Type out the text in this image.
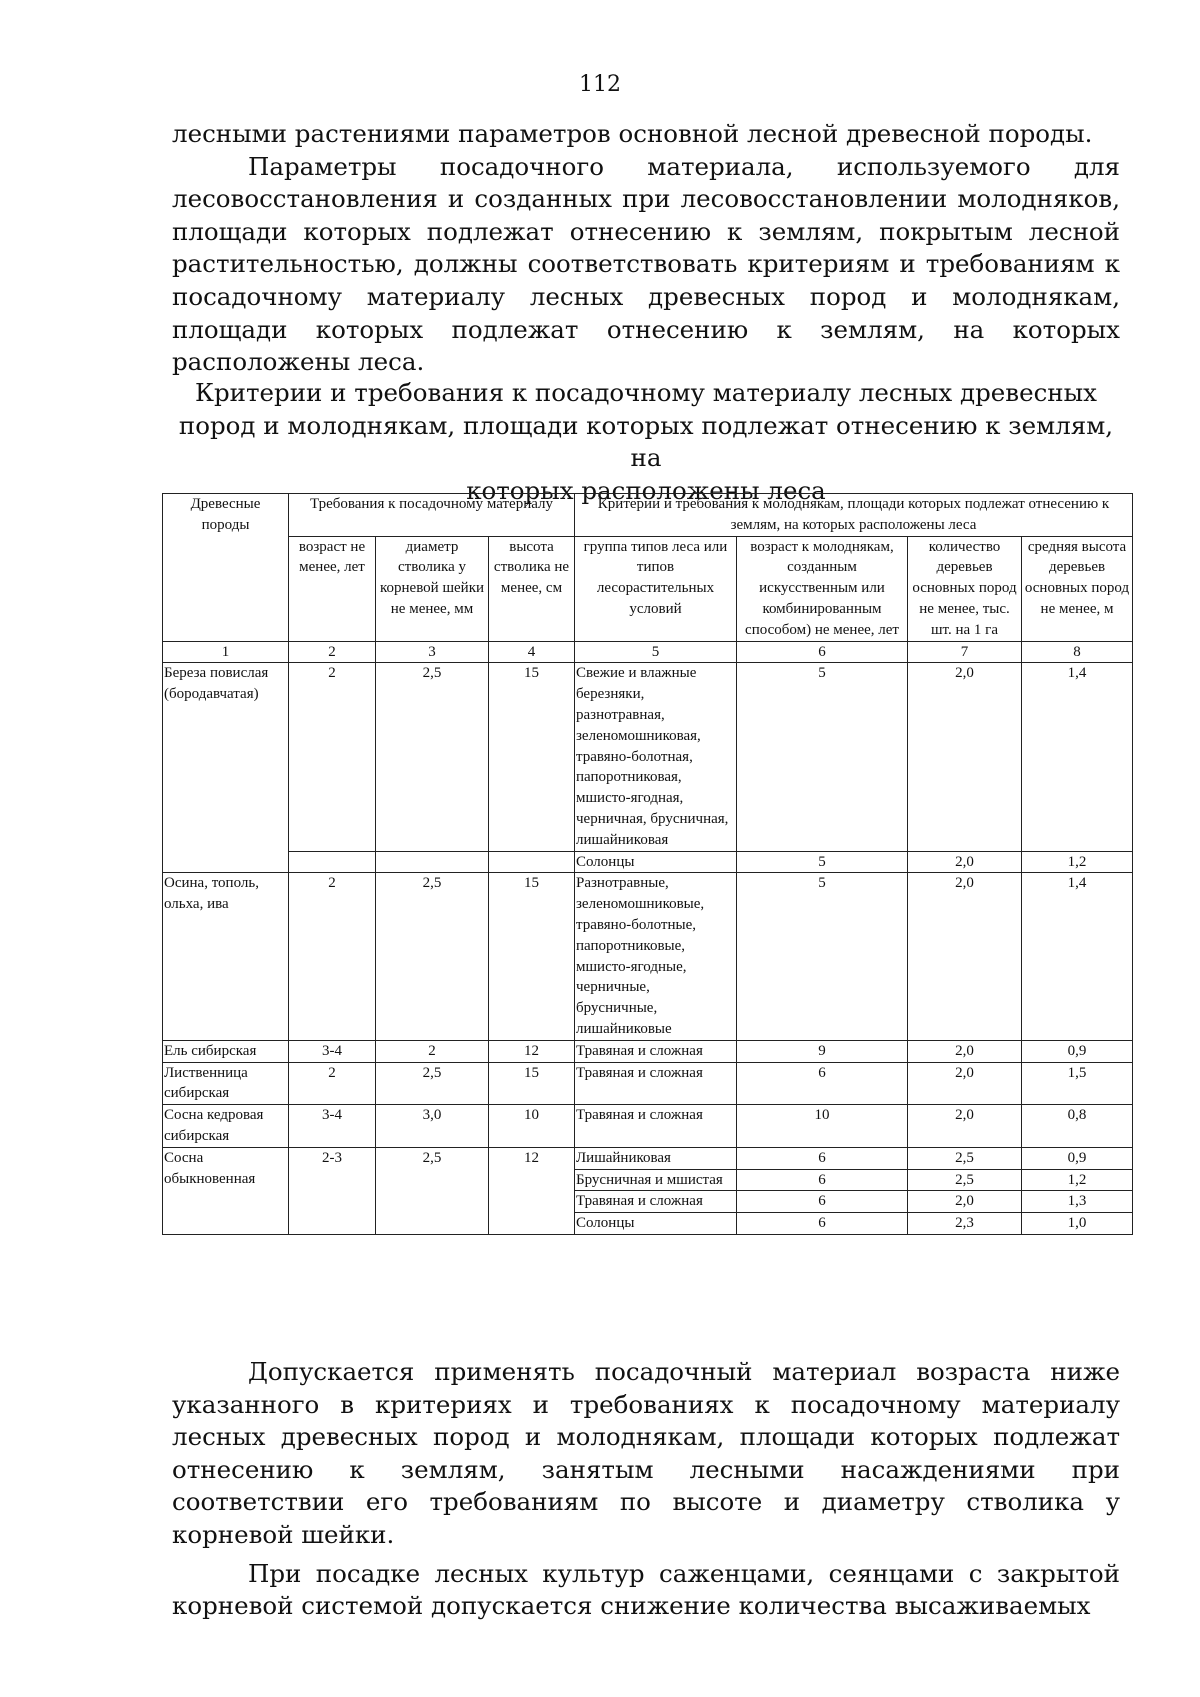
112

лесными растениями параметров основной лесной древесной породы.

Параметры посадочного материала, используемого для лесовосстановления и созданных при лесовосстановлении молодняков, площади которых подлежат отнесению к землям, покрытым лесной растительностью, должны соответствовать критериям и требованиям к посадочному материалу лесных древесных пород и молоднякам, площади которых подлежат отнесению к землям, на которых расположены леса.

Критерии и требования к посадочному материалу лесных древесных
пород и молоднякам, площади которых подлежат отнесению к землям, на
которых расположены леса
Древесные породы	Требования к посадочному материалу			Критерии и требования к молоднякам, площади которых подлежат отнесению к землям, на которых расположены леса			
	возраст не менее, лет	диаметр стволика у корневой шейки не менее, мм	высота стволика не менее, см	группа типов леса или типов лесорастительных условий	возраст к молоднякам, созданным искусственным или комбинированным способом) не менее, лет	количество деревьев основных пород не менее, тыс. шт. на 1 га	средняя высота деревьев основных пород не менее, м
1	2	3	4	5	6	7	8
Береза повислая (бородавчатая)	2	2,5	15	Свежие и влажные березняки, разнотравная, зеленомошниковая, травяно-болотная, папоротниковая, мшисто-ягодная, черничная, брусничная, лишайниковая	5	2,0	1,4
				Солонцы	5	2,0	1,2
Осина, тополь, ольха, ива	2	2,5	15	Разнотравные, зеленомошниковые, травяно-болотные, папоротниковые, мшисто-ягодные, черничные, брусничные, лишайниковые	5	2,0	1,4
Ель сибирская	3-4	2	12	Травяная и сложная	9	2,0	0,9
Лиственница сибирская	2	2,5	15	Травяная и сложная	6	2,0	1,5
Сосна кедровая сибирская	3-4	3,0	10	Травяная и сложная	10	2,0	0,8
Сосна обыкновенная	2-3	2,5	12	Лишайниковая	6	2,5	0,9
				Брусничная и мшистая	6	2,5	1,2
				Травяная и сложная	6	2,0	1,3
				Солонцы	6	2,3	1,0

Допускается применять посадочный материал возраста ниже указанного в критериях и требованиях к посадочному материалу лесных древесных пород и молоднякам, площади которых подлежат отнесению к землям, занятым лесными насаждениями при соответствии его требованиям по высоте и диаметру стволика у корневой шейки.

При посадке лесных культур саженцами, сеянцами с закрытой корневой системой допускается снижение количества высаживаемых
